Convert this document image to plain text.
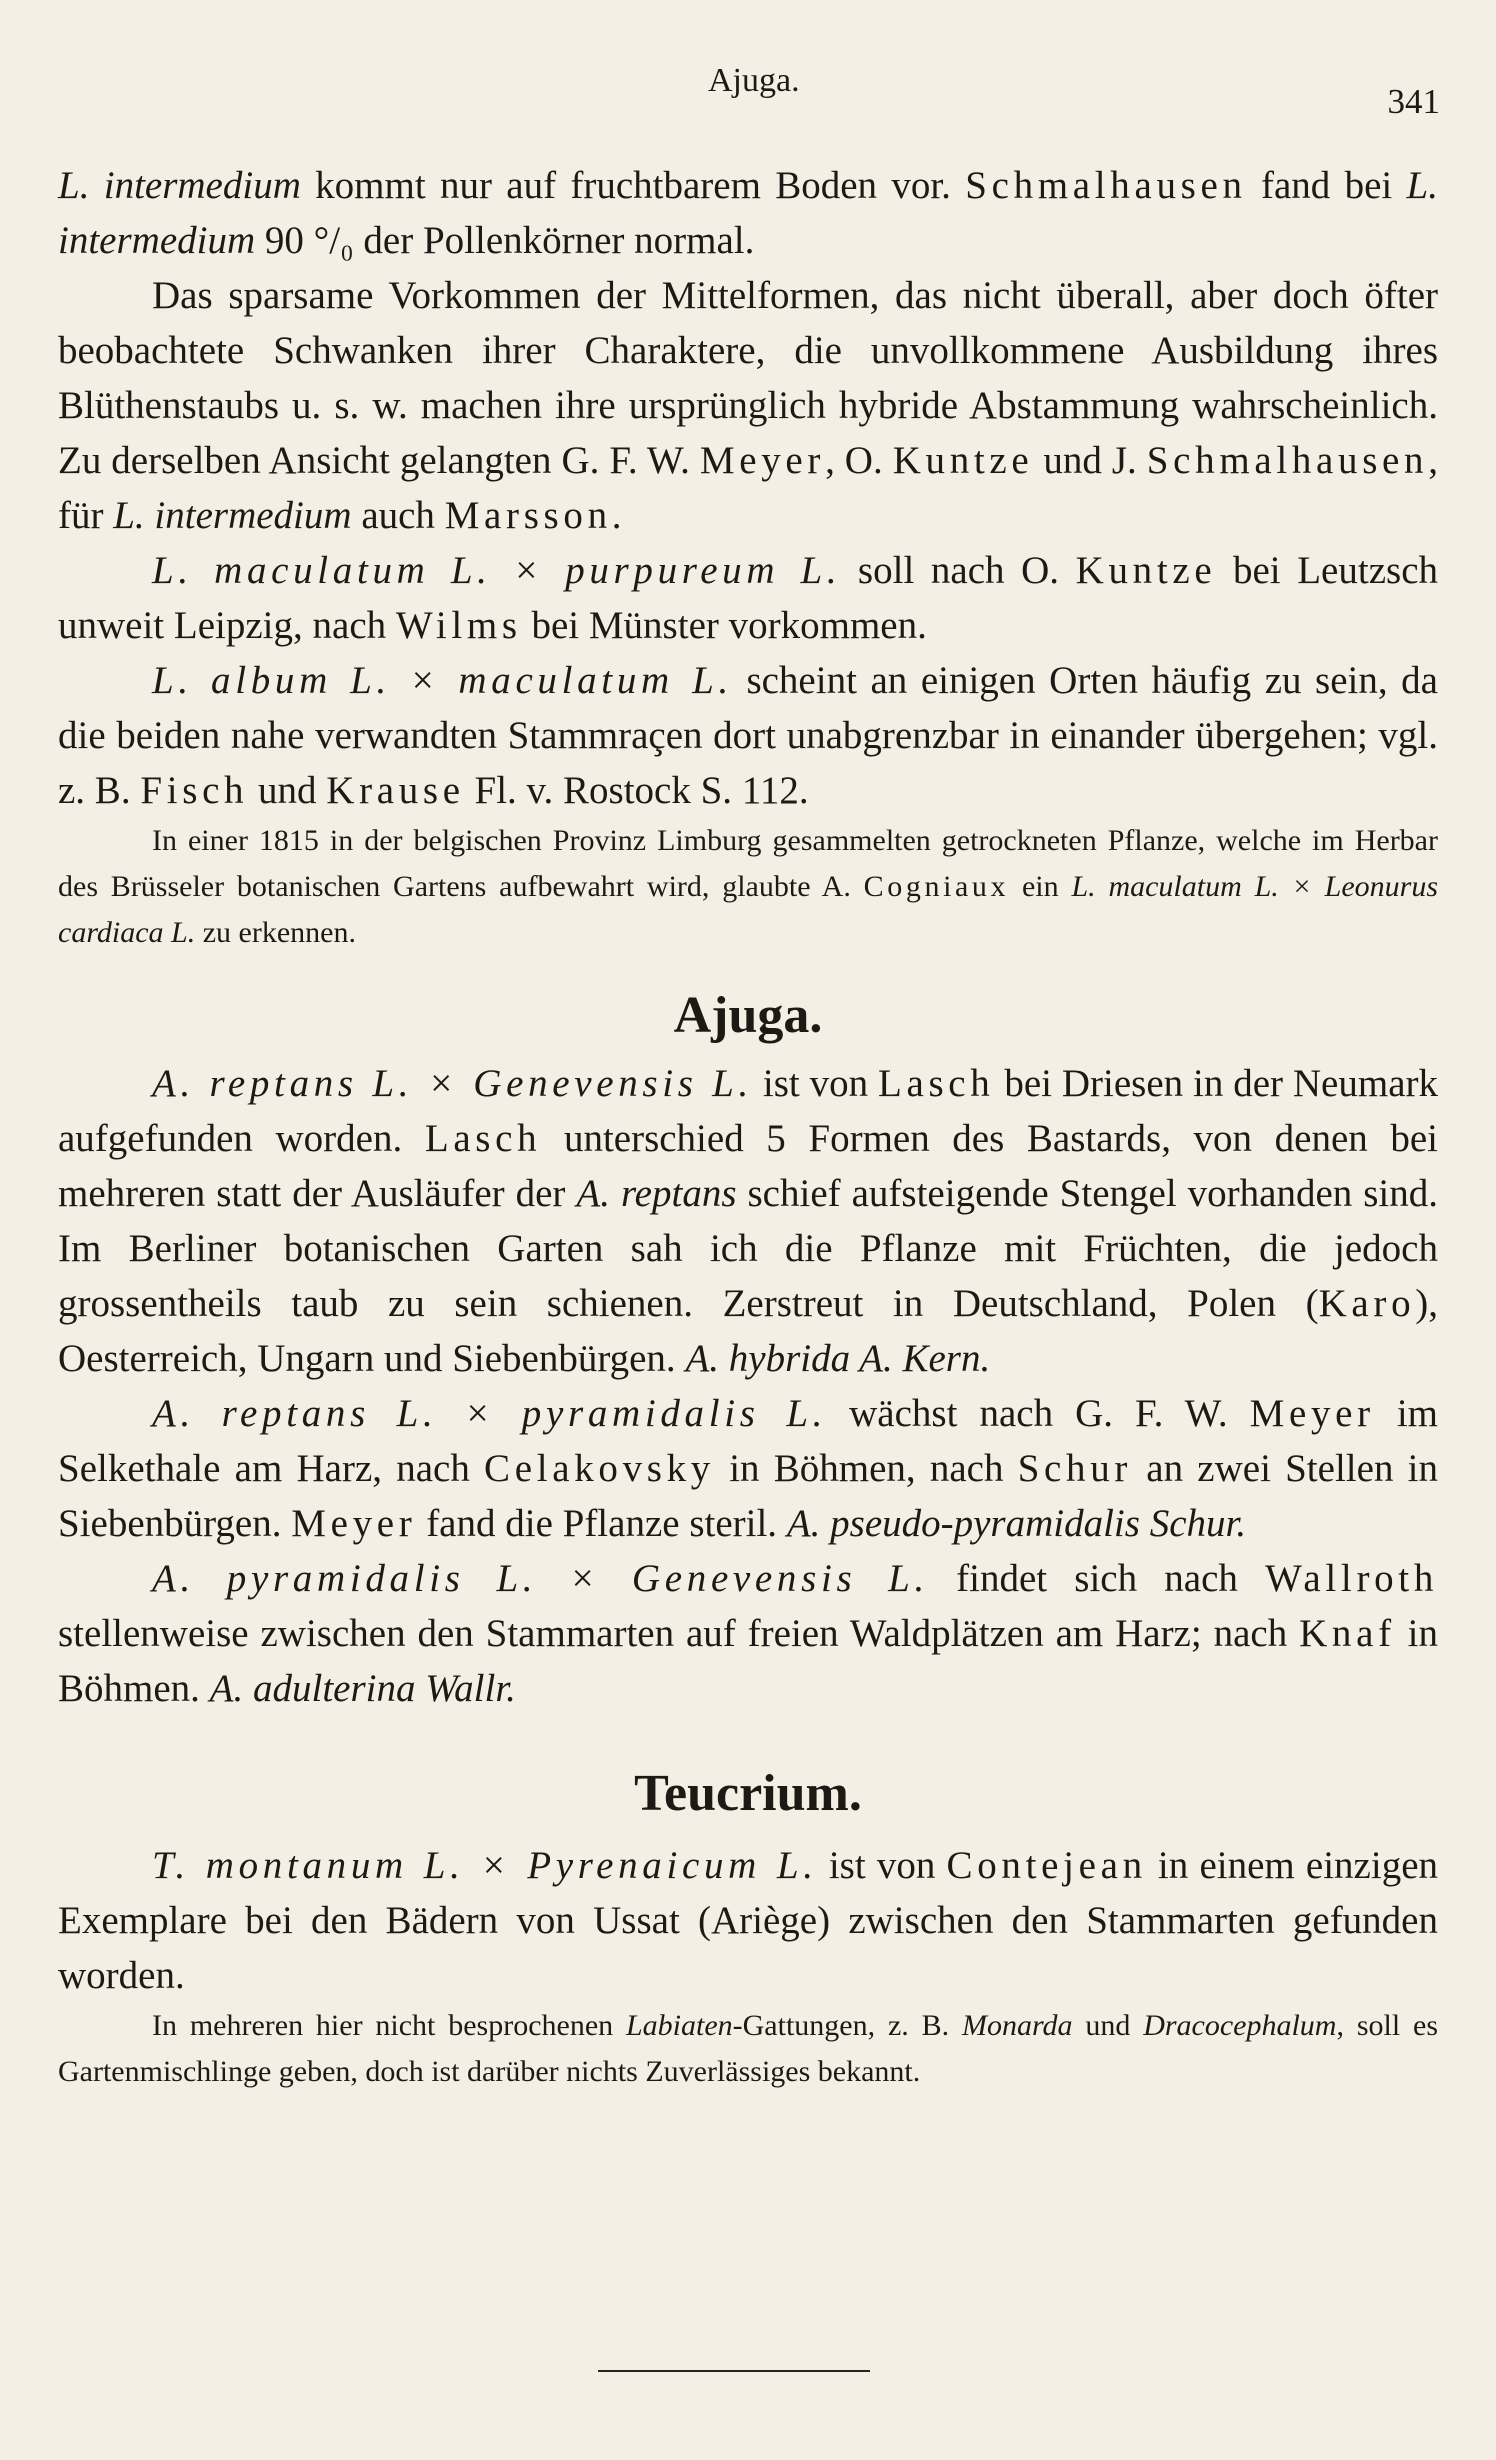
Ajuga.
341

L. intermedium kommt nur auf fruchtbarem Boden vor. Schmalhausen fand bei L. intermedium 90 °/₀ der Pollenkörner normal.

Das sparsame Vorkommen der Mittelformen, das nicht überall, aber doch öfter beobachtete Schwanken ihrer Charaktere, die unvollkommene Ausbildung ihres Blüthenstaubs u. s. w. machen ihre ursprünglich hybride Abstammung wahrscheinlich. Zu derselben Ansicht gelangten G. F. W. Meyer, O. Kuntze und J. Schmalhausen, für L. intermedium auch Marsson.

L. maculatum L. × purpureum L. soll nach O. Kuntze bei Leutzsch unweit Leipzig, nach Wilms bei Münster vorkommen.

L. album L. × maculatum L. scheint an einigen Orten häufig zu sein, da die beiden nahe verwandten Stammraçen dort unabgrenzbar in einander übergehen; vgl. z. B. Fisch und Krause Fl. v. Rostock S. 112.

In einer 1815 in der belgischen Provinz Limburg gesammelten getrockneten Pflanze, welche im Herbar des Brüsseler botanischen Gartens aufbewahrt wird, glaubte A. Cogniaux ein L. maculatum L. × Leonurus cardiaca L. zu erkennen.

Ajuga.

A. reptans L. × Genevensis L. ist von Lasch bei Driesen in der Neumark aufgefunden worden. Lasch unterschied 5 Formen des Bastards, von denen bei mehreren statt der Ausläufer der A. reptans schief aufsteigende Stengel vorhanden sind. Im Berliner botanischen Garten sah ich die Pflanze mit Früchten, die jedoch grossentheils taub zu sein schienen. Zerstreut in Deutschland, Polen (Karo), Oesterreich, Ungarn und Siebenbürgen. A. hybrida A. Kern.

A. reptans L. × pyramidalis L. wächst nach G. F. W. Meyer im Selkethale am Harz, nach Celakovsky in Böhmen, nach Schur an zwei Stellen in Siebenbürgen. Meyer fand die Pflanze steril. A. pseudo-pyramidalis Schur.

A. pyramidalis L. × Genevensis L. findet sich nach Wallroth stellenweise zwischen den Stammarten auf freien Waldplätzen am Harz; nach Knaf in Böhmen. A. adulterina Wallr.

Teucrium.

T. montanum L. × Pyrenaicum L. ist von Contejean in einem einzigen Exemplare bei den Bädern von Ussat (Ariège) zwischen den Stammarten gefunden worden.

In mehreren hier nicht besprochenen Labiaten-Gattungen, z. B. Monarda und Dracocephalum, soll es Gartenmischlinge geben, doch ist darüber nichts Zuverlässiges bekannt.
